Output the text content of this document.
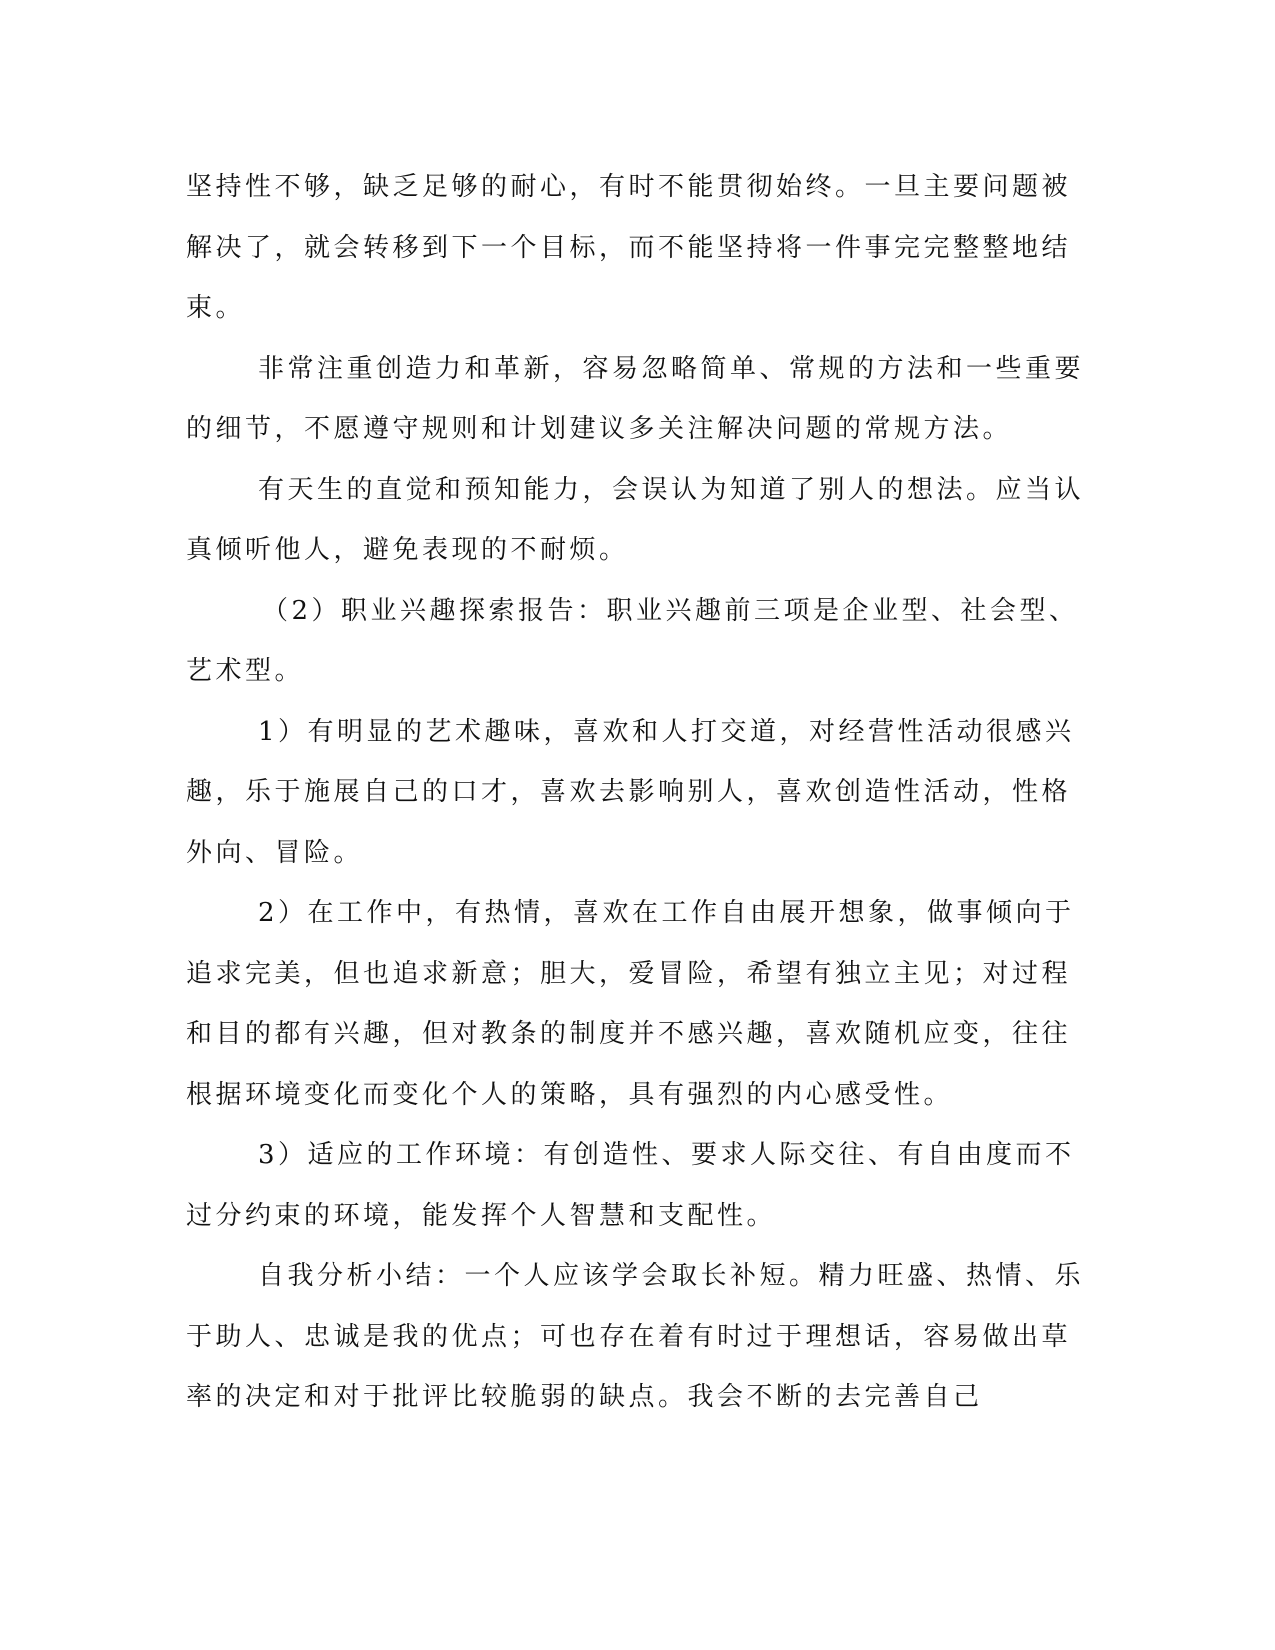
坚持性不够，缺乏足够的耐心，有时不能贯彻始终。一旦主要问题被
解决了，就会转移到下一个目标，而不能坚持将一件事完完整整地结
束。
非常注重创造力和革新，容易忽略简单、常规的方法和一些重要
的细节，不愿遵守规则和计划建议多关注解决问题的常规方法。
有天生的直觉和预知能力，会误认为知道了别人的想法。应当认
真倾听他人，避免表现的不耐烦。
（2）职业兴趣探索报告：职业兴趣前三项是企业型、社会型、
艺术型。
1）有明显的艺术趣味，喜欢和人打交道，对经营性活动很感兴
趣，乐于施展自己的口才，喜欢去影响别人，喜欢创造性活动，性格
外向、冒险。
2）在工作中，有热情，喜欢在工作自由展开想象，做事倾向于
追求完美，但也追求新意；胆大，爱冒险，希望有独立主见；对过程
和目的都有兴趣，但对教条的制度并不感兴趣，喜欢随机应变，往往
根据环境变化而变化个人的策略，具有强烈的内心感受性。
3）适应的工作环境：有创造性、要求人际交往、有自由度而不
过分约束的环境，能发挥个人智慧和支配性。
自我分析小结：一个人应该学会取长补短。精力旺盛、热情、乐
于助人、忠诚是我的优点；可也存在着有时过于理想话，容易做出草
率的决定和对于批评比较脆弱的缺点。我会不断的去完善自己
